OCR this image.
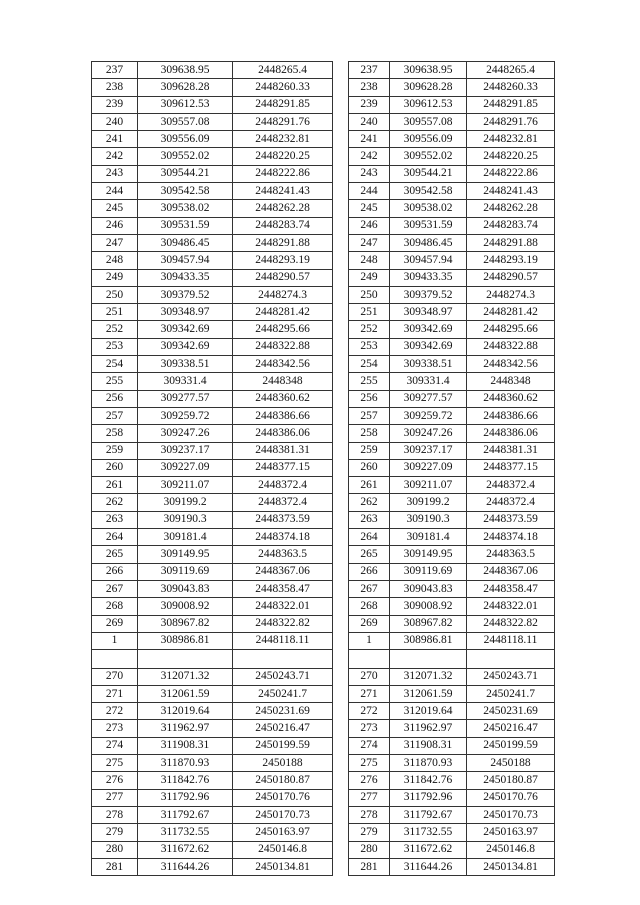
237	309638.95	2448265.4
238	309628.28	2448260.33
239	309612.53	2448291.85
240	309557.08	2448291.76
241	309556.09	2448232.81
242	309552.02	2448220.25
243	309544.21	2448222.86
244	309542.58	2448241.43
245	309538.02	2448262.28
246	309531.59	2448283.74
247	309486.45	2448291.88
248	309457.94	2448293.19
249	309433.35	2448290.57
250	309379.52	2448274.3
251	309348.97	2448281.42
252	309342.69	2448295.66
253	309342.69	2448322.88
254	309338.51	2448342.56
255	309331.4	2448348
256	309277.57	2448360.62
257	309259.72	2448386.66
258	309247.26	2448386.06
259	309237.17	2448381.31
260	309227.09	2448377.15
261	309211.07	2448372.4
262	309199.2	2448372.4
263	309190.3	2448373.59
264	309181.4	2448374.18
265	309149.95	2448363.5
266	309119.69	2448367.06
267	309043.83	2448358.47
268	309008.92	2448322.01
269	308967.82	2448322.82
1	308986.81	2448118.11

270	312071.32	2450243.71
271	312061.59	2450241.7
272	312019.64	2450231.69
273	311962.97	2450216.47
274	311908.31	2450199.59
275	311870.93	2450188
276	311842.76	2450180.87
277	311792.96	2450170.76
278	311792.67	2450170.73
279	311732.55	2450163.97
280	311672.62	2450146.8
281	311644.26	2450134.81
237	309638.95	2448265.4
238	309628.28	2448260.33
239	309612.53	2448291.85
240	309557.08	2448291.76
241	309556.09	2448232.81
242	309552.02	2448220.25
243	309544.21	2448222.86
244	309542.58	2448241.43
245	309538.02	2448262.28
246	309531.59	2448283.74
247	309486.45	2448291.88
248	309457.94	2448293.19
249	309433.35	2448290.57
250	309379.52	2448274.3
251	309348.97	2448281.42
252	309342.69	2448295.66
253	309342.69	2448322.88
254	309338.51	2448342.56
255	309331.4	2448348
256	309277.57	2448360.62
257	309259.72	2448386.66
258	309247.26	2448386.06
259	309237.17	2448381.31
260	309227.09	2448377.15
261	309211.07	2448372.4
262	309199.2	2448372.4
263	309190.3	2448373.59
264	309181.4	2448374.18
265	309149.95	2448363.5
266	309119.69	2448367.06
267	309043.83	2448358.47
268	309008.92	2448322.01
269	308967.82	2448322.82
1	308986.81	2448118.11

270	312071.32	2450243.71
271	312061.59	2450241.7
272	312019.64	2450231.69
273	311962.97	2450216.47
274	311908.31	2450199.59
275	311870.93	2450188
276	311842.76	2450180.87
277	311792.96	2450170.76
278	311792.67	2450170.73
279	311732.55	2450163.97
280	311672.62	2450146.8
281	311644.26	2450134.81
